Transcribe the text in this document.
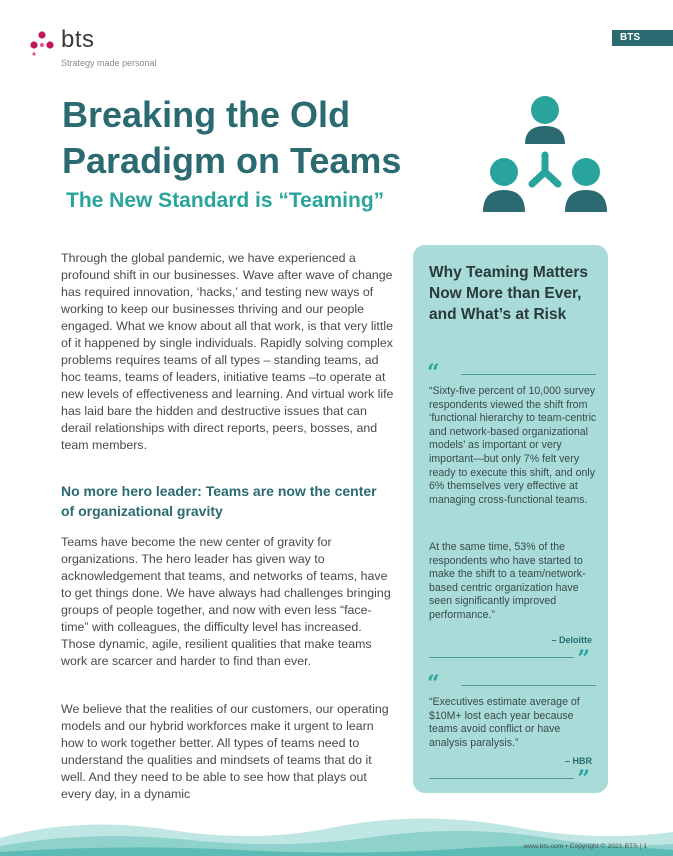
bts
Strategy made personal
BTS
Breaking the Old
Paradigm on Teams
The New Standard is “Teaming”

Through the global pandemic, we have experienced a profound shift in our businesses. Wave after wave of change has required innovation, ‘hacks,’ and testing new ways of working to keep our businesses thriving and our people engaged. What we know about all that work, is that very little of it happened by single individuals. Rapidly solving complex problems requires teams of all types – standing teams, ad hoc teams, teams of leaders, initiative teams –to operate at new levels of effectiveness and learning. And virtual work life has laid bare the hidden and destructive issues that can derail relationships with direct reports, peers, bosses, and team members.

No more hero leader: Teams are now the center of organizational gravity

Teams have become the new center of gravity for organizations. The hero leader has given way to acknowledgement that teams, and networks of teams, have to get things done. We have always had challenges bringing groups of people together, and now with even less “face-time” with colleagues, the difficulty level has increased. Those dynamic, agile, resilient qualities that make teams work are scarcer and harder to find than ever.

We believe that the realities of our customers, our operating models and our hybrid workforces make it urgent to learn how to work together better. All types of teams need to understand the qualities and mindsets of teams that do it well. And they need to be able to see how that plays out every day, in a dynamic

Why Teaming Matters Now More than Ever, and What’s at Risk
“

“Sixty-five percent of 10,000 survey respondents viewed the shift from ‘functional hierarchy to team-centric and network-based organizational models’ as important or very important—but only 7% felt very ready to execute this shift, and only 6% themselves very effective at managing cross-functional teams.

At the same time, 53% of the respondents who have started to make the shift to a team/network-based centric organization have seen significantly improved performance.”

– Deloitte
”
“

“Executives estimate average of $10M+ lost each year because teams avoid conflict or have analysis paralysis.”

– HBR
”
www.bts.com • Copyright © 2021 BTS | 1
